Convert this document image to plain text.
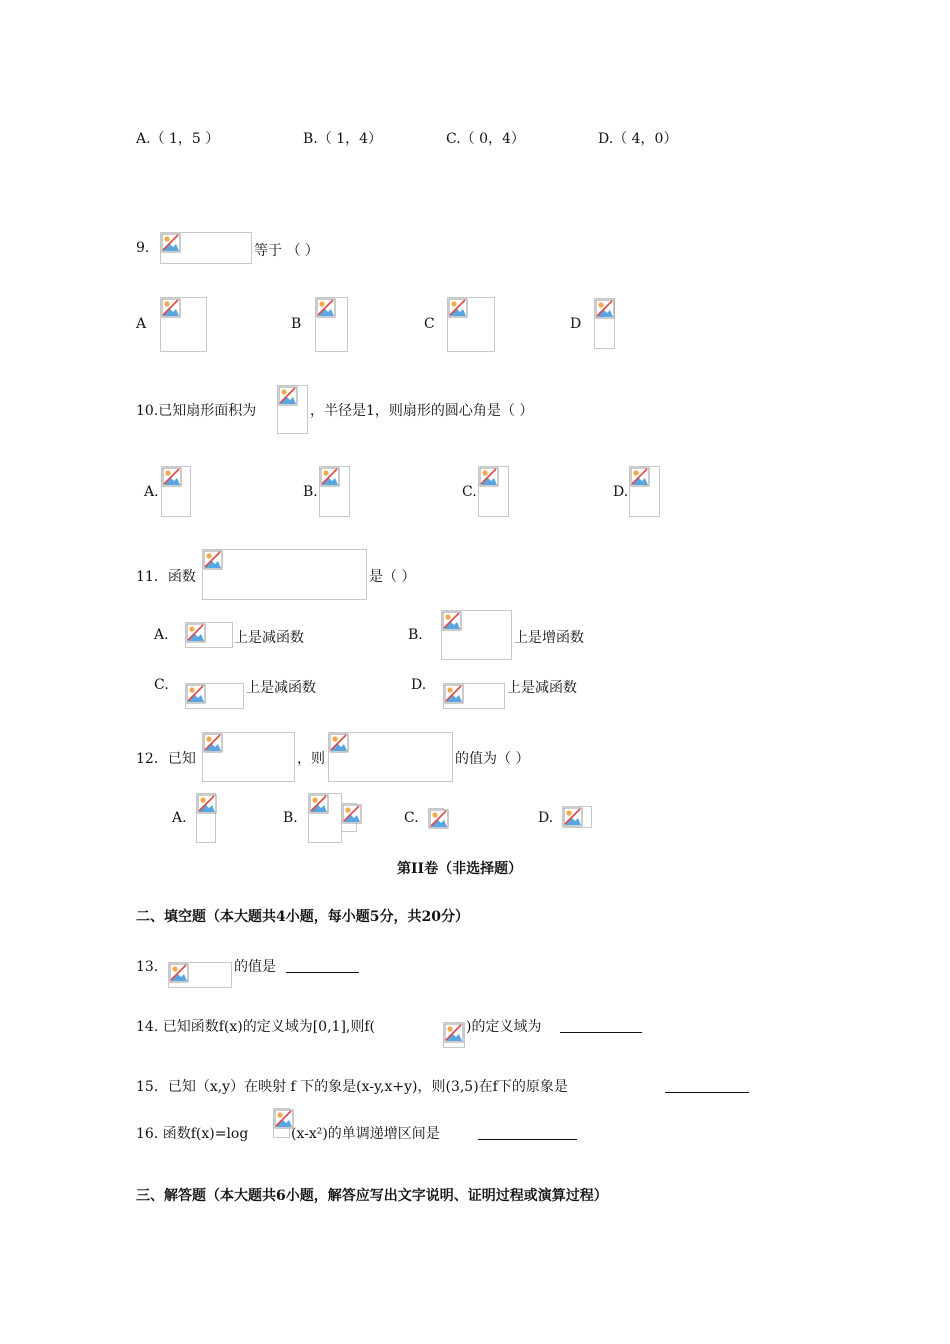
A.（ 1，5 ）	B.（ 1，4）	C.（ 0，4）	D.（ 4，0）
9.	等于 （ ）
A	B	C	D
10.已知扇形面积为	，半径是1，则扇形的圆心角是（ ）
A.	B.	C.	D.
11．函数	是（ ）
A.	上是减函数	B.	上是增函数
C.	上是减函数	D.	上是减函数
12．已知	，则	的值为（ ）
A.	B.	C.	D.
第II卷（非选择题）
二、填空题（本大题共4小题，每小题5分，共20分）
13．	的值是
14. 已知函数f(x)的定义域为[0,1],则f(	)的定义域为
15．已知（x,y）在映射 f 下的象是(x-y,x+y)，则(3,5)在f下的原象是
16. 函数f(x)=log	(x-x²)的单调递增区间是
三、解答题（本大题共6小题，解答应写出文字说明、证明过程或演算过程）
